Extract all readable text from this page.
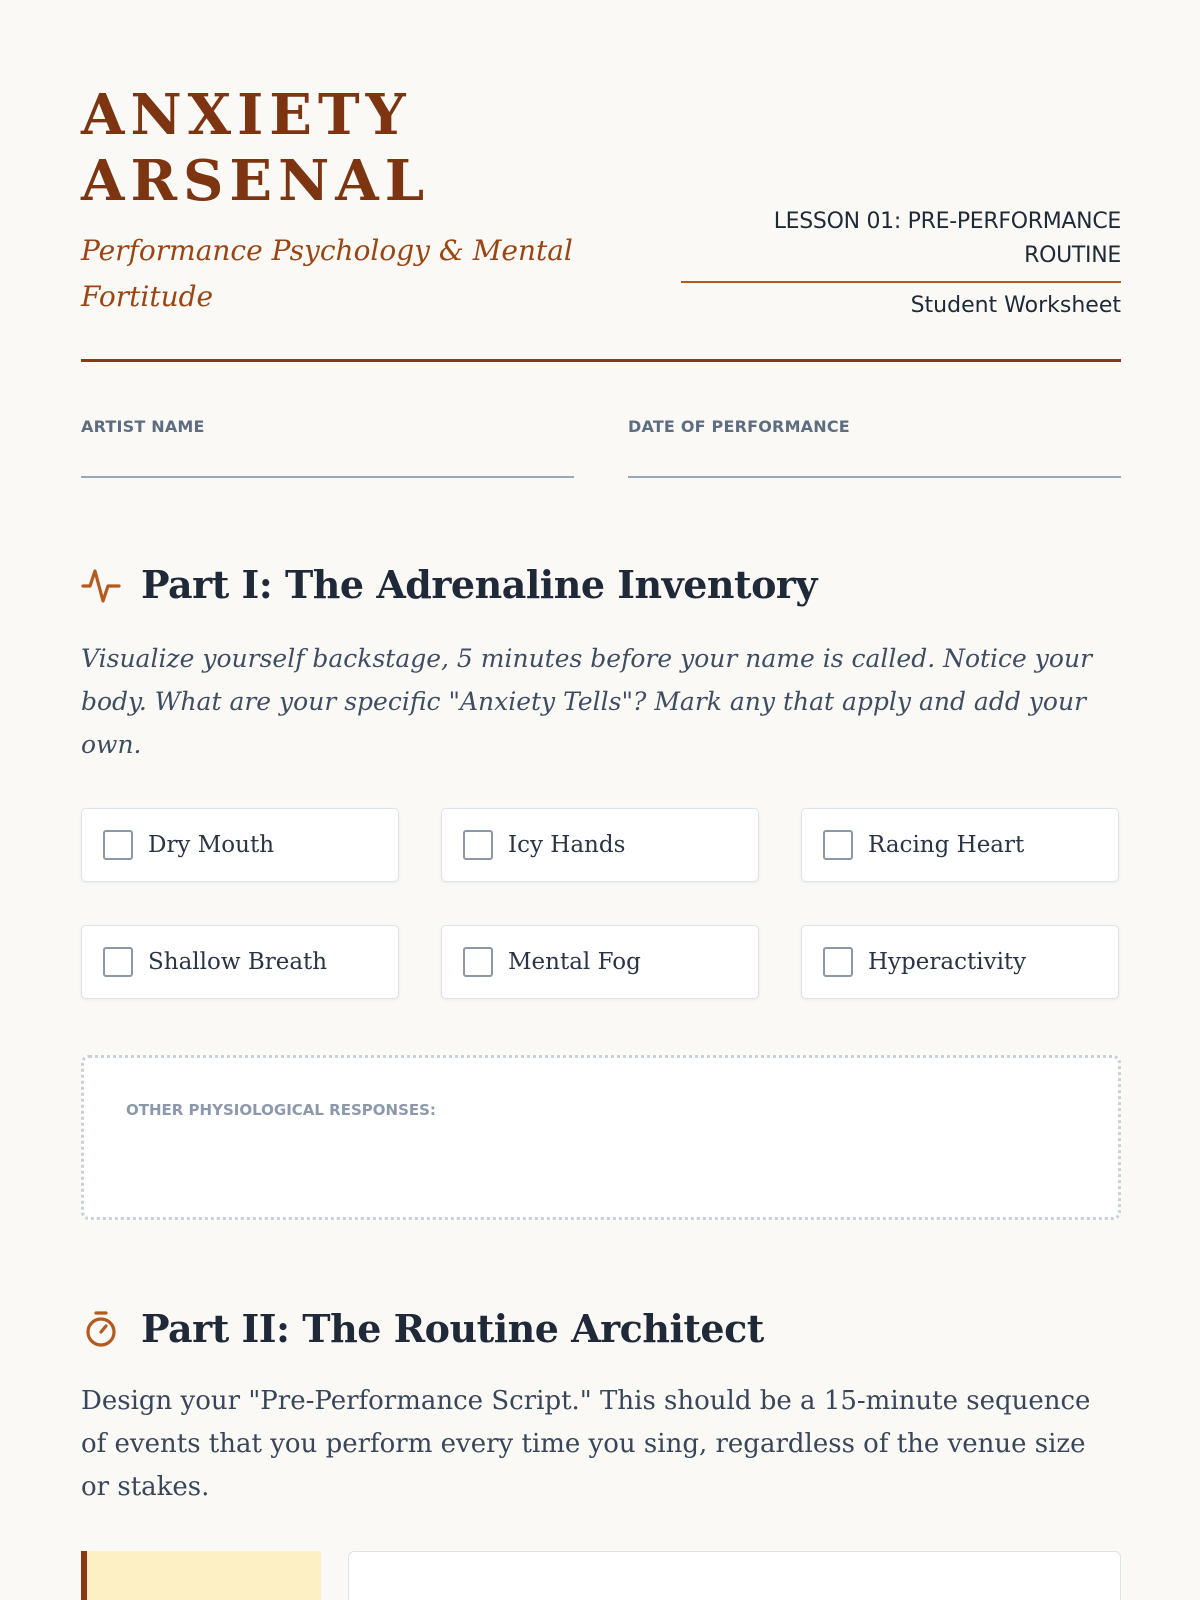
ANXIETY
ARSENAL

Performance Psychology & Mental Fortitude

LESSON 01: PRE-PERFORMANCE ROUTINE
Student Worksheet
ARTIST NAME	DATE OF PERFORMANCE
Part I: The Adrenaline Inventory

Visualize yourself backstage, 5 minutes before your name is called. Notice your body. What are your specific "Anxiety Tells"? Mark any that apply and add your own.

Dry Mouth	Icy Hands	Racing Heart
Shallow Breath	Mental Fog	Hyperactivity
OTHER PHYSIOLOGICAL RESPONSES:
Part II: The Routine Architect

Design your "Pre-Performance Script." This should be a 15-minute sequence of events that you perform every time you sing, regardless of the venue size or stakes.
